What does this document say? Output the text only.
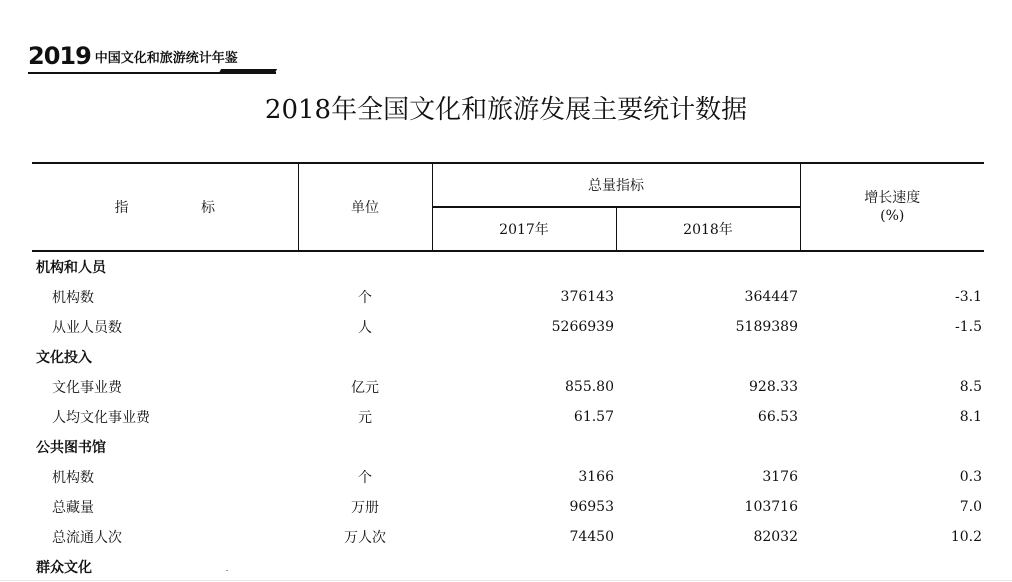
2019 中国文化和旅游统计年鉴
2018年全国文化和旅游发展主要统计数据
指 标	单位	总量指标		增长速度
(%)

		2017年	2018年	
机构和人员				
机构数	个	376143	364447	-3.1
从业人员数	人	5266939	5189389	-1.5
文化投入				
文化事业费	亿元	855.80	928.33	8.5
人均文化事业费	元	61.57	66.53	8.1
公共图书馆				
机构数	个	3166	3176	0.3
总藏量	万册	96953	103716	7.0
总流通人次	万人次	74450	82032	10.2
群众文化				
